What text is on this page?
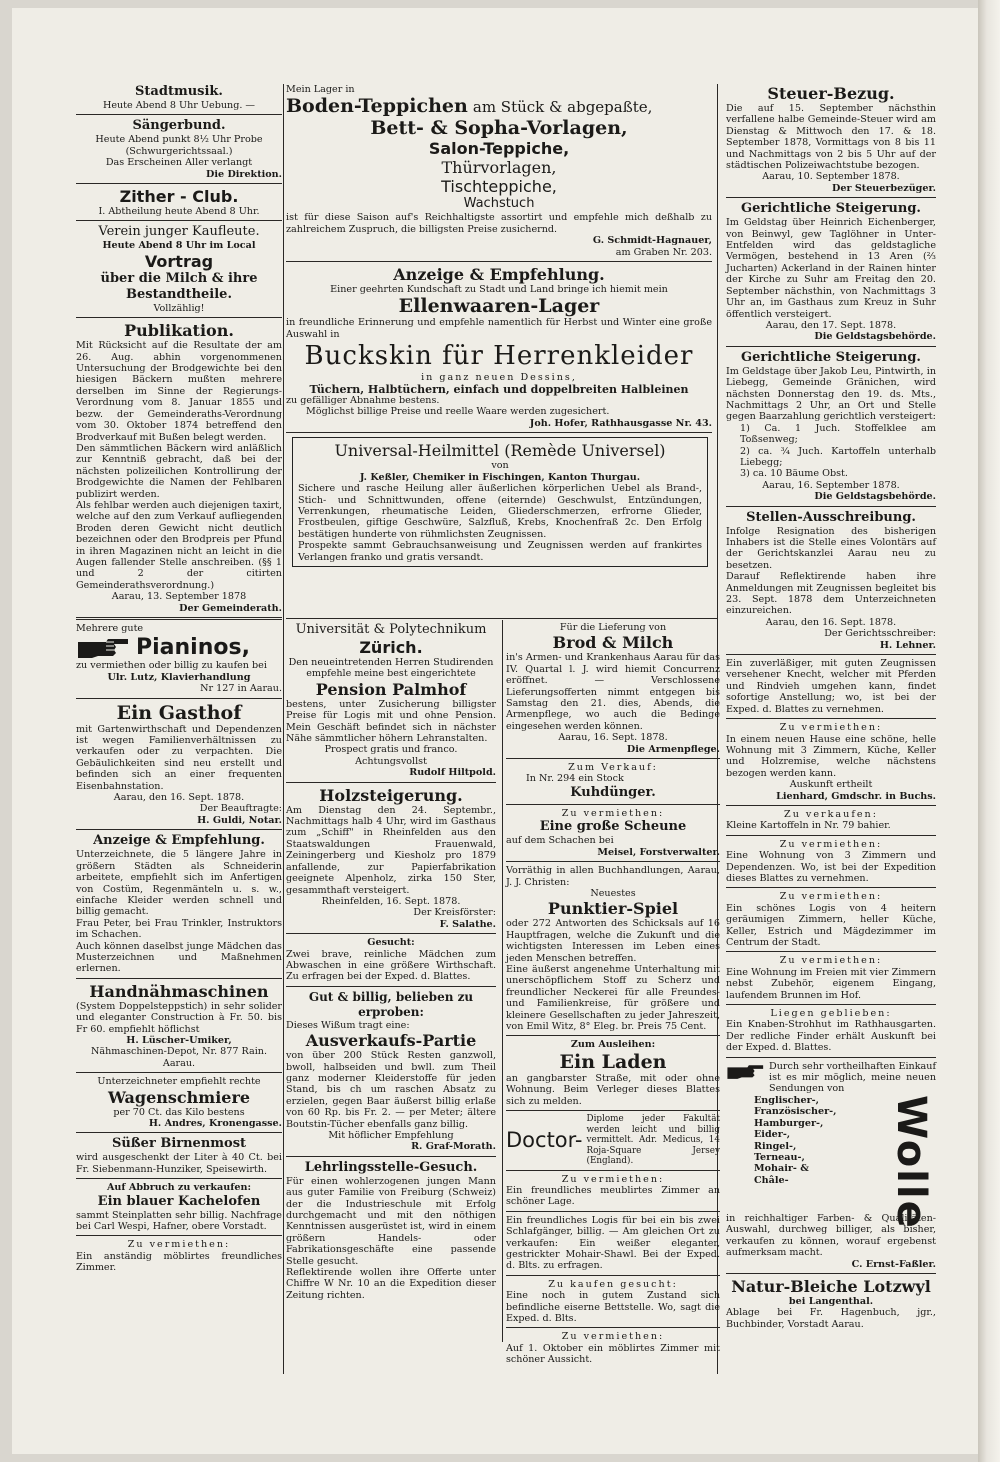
Stadtmusik.

Heute Abend 8 Uhr Uebung. —

Sängerbund.

Heute Abend punkt 8½ Uhr Probe

(Schwurgerichtssaal.)

Das Erscheinen Aller verlangt

Die Direktion.

Zither - Club.

I. Abtheilung heute Abend 8 Uhr.

Verein junger Kaufleute.

Heute Abend 8 Uhr im Local

Vortrag

über die Milch & ihre

Bestandtheile.

Vollzählig!

Publikation.

Mit Rücksicht auf die Resultate der am 26. Aug. abhin vorgenommenen Untersuchung der Brodgewichte bei den hiesigen Bäckern mußten mehrere derselben im Sinne der Regierungs-Verordnung vom 8. Januar 1855 und bezw. der Gemeinderaths-Verordnung vom 30. Oktober 1874 betreffend den Brodverkauf mit Bußen belegt werden.

Den sämmtlichen Bäckern wird anläßlich zur Kenntniß gebracht, daß bei der nächsten polizeilichen Kontrollirung der Brodgewichte die Namen der Fehlbaren publizirt werden.

Als fehlbar werden auch diejenigen taxirt, welche auf den zum Verkauf aufliegenden Broden deren Gewicht nicht deutlich bezeichnen oder den Brodpreis per Pfund in ihren Magazinen nicht an leicht in die Augen fallender Stelle anschreiben. (§§ 1 und 2 der citirten Gemeinderathsverordnung.)

Aarau, 13. September 1878

Der Gemeinderath.

Mehrere gute

Pianinos,

zu vermiethen oder billig zu kaufen bei

Ulr. Lutz, Klavierhandlung

Nr 127 in Aarau.

Ein Gasthof

mit Gartenwirthschaft und Dependenzen ist wegen Familienverhältnissen zu verkaufen oder zu verpachten. Die Gebäulichkeiten sind neu erstellt und befinden sich an einer frequenten Eisenbahnstation.

Aarau, den 16. Sept. 1878.

Der Beauftragte:

H. Guldi, Notar.

Anzeige & Empfehlung.

Unterzeichnete, die 5 längere Jahre in größern Städten als Schneiderin arbeitete, empfiehlt sich im Anfertigen von Costüm, Regenmänteln u. s. w., einfache Kleider werden schnell und billig gemacht.

Frau Peter, bei Frau Trinkler, Instruktors im Schachen.

Auch können daselbst junge Mädchen das Musterzeichnen und Maßnehmen erlernen.

Handnähmaschinen

(System Doppelsteppstich) in sehr solider und eleganter Construction à Fr. 50. bis Fr 60. empfiehlt höflichst

H. Lüscher-Umiker,

Nähmaschinen-Depot, Nr. 877 Rain. Aarau.

Unterzeichneter empfiehlt rechte

Wagenschmiere

per 70 Ct. das Kilo bestens

H. Andres, Kronengasse.

Süßer Birnenmost

wird ausgeschenkt der Liter à 40 Ct. bei Fr. Siebenmann-Hunziker, Speisewirth.

Auf Abbruch zu verkaufen:

Ein blauer Kachelofen

sammt Steinplatten sehr billig. Nachfrage bei Carl Wespi, Hafner, obere Vorstadt.

Zu vermiethen:

Ein anständig möblirtes freundliches Zimmer.

Mein Lager in

Boden-Teppichen am Stück & abgepaßte,

Bett- & Sopha-Vorlagen,

Salon-Teppiche,

Thürvorlagen,

Tischteppiche,

Wachstuch

ist für diese Saison auf's Reichhaltigste assortirt und empfehle mich deßhalb zu zahlreichem Zuspruch, die billigsten Preise zusichernd.

G. Schmidt-Hagnauer,

am Graben Nr. 203.

Anzeige & Empfehlung.

Einer geehrten Kundschaft zu Stadt und Land bringe ich hiemit mein

Ellenwaaren-Lager

in freundliche Erinnerung und empfehle namentlich für Herbst und Winter eine große Auswahl in

Buckskin für Herrenkleider

in ganz neuen Dessins,

Tüchern, Halbtüchern, einfach und doppelbreiten Halbleinen

zu gefälliger Abnahme bestens.

Möglichst billige Preise und reelle Waare werden zugesichert.

Joh. Hofer, Rathhausgasse Nr. 43.

Universal-Heilmittel (Remède Universel)

von

J. Keßler, Chemiker in Fischingen, Kanton Thurgau.

Sichere und rasche Heilung aller äußerlichen körperlichen Uebel als Brand-, Stich- und Schnittwunden, offene (eiternde) Geschwulst, Entzündungen, Verrenkungen, rheumatische Leiden, Gliederschmerzen, erfrorne Glieder, Frostbeulen, giftige Geschwüre, Salzfluß, Krebs, Knochenfraß 2c. Den Erfolg bestätigen hunderte von rühmlichsten Zeugnissen.

Prospekte sammt Gebrauchsanweisung und Zeugnissen werden auf frankirtes Verlangen franko und gratis versandt.

Universität & Polytechnikum

Zürich.

Den neueintretenden Herren Studirenden empfehle meine best eingerichtete

Pension Palmhof

bestens, unter Zusicherung billigster Preise für Logis mit und ohne Pension. Mein Geschäft befindet sich in nächster Nähe sämmtlicher höhern Lehranstalten.

Prospect gratis und franco.

Achtungsvollst

Rudolf Hiltpold.

Holzsteigerung.

Am Dienstag den 24. Septembr., Nachmittags halb 4 Uhr, wird im Gasthaus zum „Schiff" in Rheinfelden aus den Staatswaldungen Frauenwald, Zeiningerberg und Kiesholz pro 1879 anfallende, zur Papierfabrikation geeignete Alpenholz, zirka 150 Ster, gesammthaft versteigert.

Rheinfelden, 16. Sept. 1878.

Der Kreisförster:

F. Salathe.

Gesucht:

Zwei brave, reinliche Mädchen zum Abwaschen in eine größere Wirthschaft. Zu erfragen bei der Exped. d. Blattes.

Gut & billig, belieben zu erproben:

Dieses Wißum tragt eine:

Ausverkaufs-Partie

von über 200 Stück Resten ganzwoll, bwoll, halbseiden und bwll. zum Theil ganz moderner Kleiderstoffe für jeden Stand, bis ch um raschen Absatz zu erzielen, gegen Baar äußerst billig erlaße von 60 Rp. bis Fr. 2. — per Meter; ältere Boutstin-Tücher ebenfalls ganz billig.

Mit höflicher Empfehlung

R. Graf-Morath.

Lehrlingsstelle-Gesuch.

Für einen wohlerzogenen jungen Mann aus guter Familie von Freiburg (Schweiz) der die Industrieschule mit Erfolg durchgemacht und mit den nöthigen Kenntnissen ausgerüstet ist, wird in einem größern Handels- oder Fabrikationsgeschäfte eine passende Stelle gesucht.

Reflektirende wollen ihre Offerte unter Chiffre W Nr. 10 an die Expedition dieser Zeitung richten.

Für die Lieferung von

Brod & Milch

in's Armen- und Krankenhaus Aarau für das IV. Quartal l. J. wird hiemit Concurrenz eröffnet. — Verschlossene Lieferungsofferten nimmt entgegen bis Samstag den 21. dies, Abends, die Armenpflege, wo auch die Bedinge eingesehen werden können.

Aarau, 16. Sept. 1878.

Die Armenpflege.

Zum Verkauf:

In Nr. 294 ein Stock

Kuhdünger.

Zu vermiethen:

Eine große Scheune

auf dem Schachen bei

Meisel, Forstverwalter.

Vorräthig in allen Buchhandlungen, Aarau, J. J. Christen:

Neuestes

Punktier-Spiel

oder 272 Antworten des Schicksals auf 16 Hauptfragen, welche die Zukunft und die wichtigsten Interessen im Leben eines jeden Menschen betreffen.

Eine äußerst angenehme Unterhaltung mit unerschöpflichem Stoff zu Scherz und freundlicher Neckerei für alle Freundes- und Familienkreise, für größere und kleinere Gesellschaften zu jeder Jahreszeit, von Emil Witz, 8° Eleg. br. Preis 75 Cent.

Zum Ausleihen:

Ein Laden

an gangbarster Straße, mit oder ohne Wohnung. Beim Verleger dieses Blattes sich zu melden.

Doctor-

Diplome jeder Fakultät werden leicht und billig vermittelt. Adr. Medicus, 14 Roja-Square Jersey (England).

Zu vermiethen:

Ein freundliches meublirtes Zimmer an schöner Lage.

Ein freundliches Logis für bei ein bis zwei Schlafgänger, billig. — Am gleichen Ort zu verkaufen: Ein weißer eleganter, gestrickter Mohair-Shawl. Bei der Exped. d. Blts. zu erfragen.

Zu kaufen gesucht:

Eine noch in gutem Zustand sich befindliche eiserne Bettstelle. Wo, sagt die Exped. d. Blts.

Zu vermiethen:

Auf 1. Oktober ein möblirtes Zimmer mit schöner Aussicht.

Steuer-Bezug.

Die auf 15. September nächsthin verfallene halbe Gemeinde-Steuer wird am Dienstag & Mittwoch den 17. & 18. September 1878, Vormittags von 8 bis 11 und Nachmittags von 2 bis 5 Uhr auf der städtischen Polizeiwachtstube bezogen.

Aarau, 10. September 1878.

Der Steuerbezüger.

Gerichtliche Steigerung.

Im Geldstag über Heinrich Eichenberger, von Beinwyl, gew Taglöhner in Unter-Entfelden wird das geldstagliche Vermögen, bestehend in 13 Aren (⅔ Jucharten) Ackerland in der Rainen hinter der Kirche zu Suhr am Freitag den 20. September nächsthin, von Nachmittags 3 Uhr an, im Gasthaus zum Kreuz in Suhr öffentlich versteigert.

Aarau, den 17. Sept. 1878.

Die Geldstagsbehörde.

Gerichtliche Steigerung.

Im Geldstage über Jakob Leu, Pintwirth, in Liebegg, Gemeinde Gränichen, wird nächsten Donnerstag den 19. ds. Mts., Nachmittags 2 Uhr, an Ort und Stelle gegen Baarzahlung gerichtlich versteigert:

1) Ca. 1 Juch. Stoffelklee am Toßsenweg;

2) ca. ¾ Juch. Kartoffeln unterhalb Liebegg;

3) ca. 10 Bäume Obst.

Aarau, 16. September 1878.

Die Geldstagsbehörde.

Stellen-Ausschreibung.

Infolge Resignation des bisherigen Inhabers ist die Stelle eines Volontärs auf der Gerichtskanzlei Aarau neu zu besetzen.

Darauf Reflektirende haben ihre Anmeldungen mit Zeugnissen begleitet bis 23. Sept. 1878 dem Unterzeichneten einzureichen.

Aarau, den 16. Sept. 1878.

Der Gerichtsschreiber:

H. Lehner.

Ein zuverläßiger, mit guten Zeugnissen versehener Knecht, welcher mit Pferden und Rindvieh umgehen kann, findet sofortige Anstellung; wo, ist bei der Exped. d. Blattes zu vernehmen.

Zu vermiethen:

In einem neuen Hause eine schöne, helle Wohnung mit 3 Zimmern, Küche, Keller und Holzremise, welche nächstens bezogen werden kann.

Auskunft ertheilt

Lienhard, Gmdschr. in Buchs.

Zu verkaufen:

Kleine Kartoffeln in Nr. 79 bahier.

Zu vermiethen:

Eine Wohnung von 3 Zimmern und Dependenzen. Wo, ist bei der Expedition dieses Blattes zu vernehmen.

Zu vermiethen:

Ein schönes Logis von 4 heitern geräumigen Zimmern, heller Küche, Keller, Estrich und Mägdezimmer im Centrum der Stadt.

Zu vermiethen:

Eine Wohnung im Freien mit vier Zimmern nebst Zubehör, eigenem Eingang, laufendem Brunnen im Hof.

Liegen geblieben:

Ein Knaben-Strohhut im Rathhausgarten. Der redliche Finder erhält Auskunft bei der Exped. d. Blattes.

Durch sehr vortheilhaften Einkauf ist es mir möglich, meine neuen Sendungen von

Englischer-,

Französischer-,

Hamburger-,

Eider-,

Ringel-,

Terneau-,

Mohair- &

Châle-	Wolle

in reichhaltiger Farben- & Qualitäten-Auswahl, durchweg billiger, als bisher, verkaufen zu können, worauf ergebenst aufmerksam macht.

C. Ernst-Faßler.

Natur-Bleiche Lotzwyl

bei Langenthal.

Ablage bei Fr. Hagenbuch, jgr., Buchbinder, Vorstadt Aarau.
